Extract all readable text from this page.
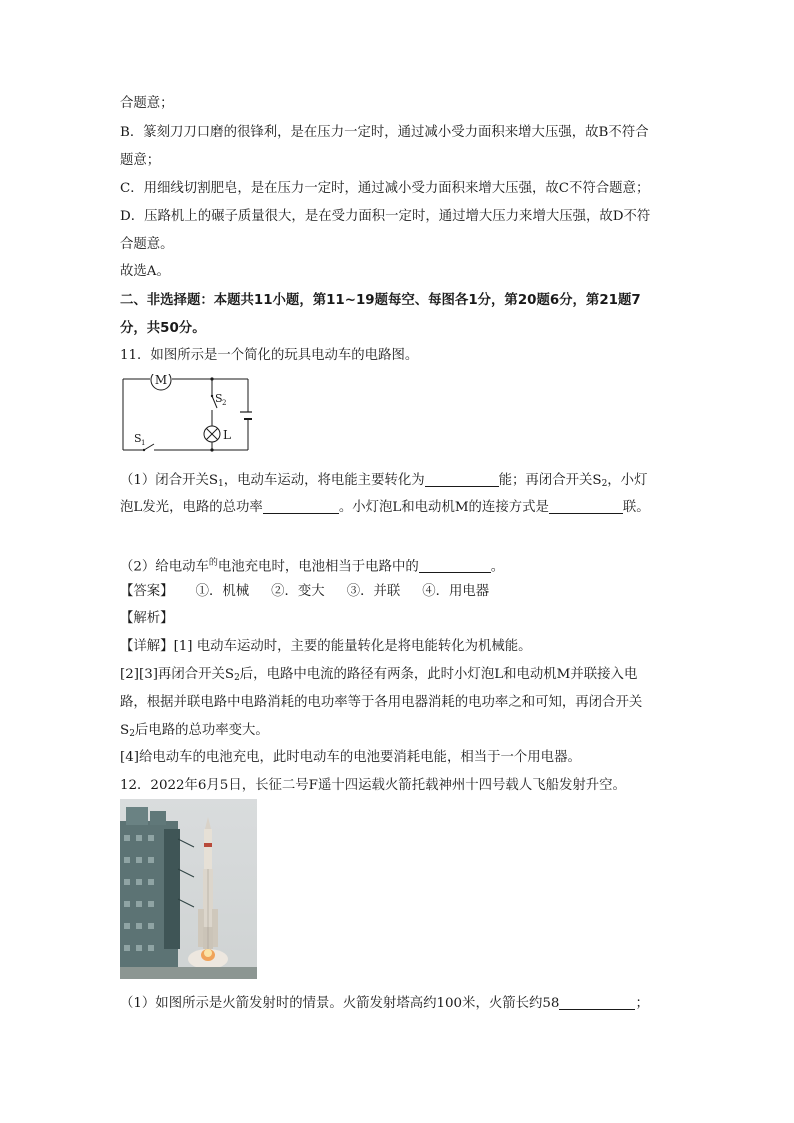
合题意；

B．篆刻刀刀口磨的很锋利，是在压力一定时，通过减小受力面积来增大压强，故B不符合

题意；

C．用细线切割肥皂，是在压力一定时，通过减小受力面积来增大压强，故C不符合题意；

D．压路机上的碾子质量很大，是在受力面积一定时，通过增大压力来增大压强，故D不符

合题意。

故选A。

二、非选择题：本题共11小题，第11~19题每空、每图各1分，第20题6分，第21题7

分，共50分。

11．如图所示是一个简化的玩具电动车的电路图。

M
L
S 2
S 1

（1）闭合开关$S_1$，电动车运动，将电能主要转化为	能；再闭合开关$S_2$，小灯

泡L发光，电路的总功率	。小灯泡L和电动机M的连接方式是	联。

（2）给电动车$^的$电池充电时，电池相当于电路中的	。

【答案】 ①．机械 ②．变大 ③．并联 ④．用电器

【解析】

【详解】[1] 电动车运动时，主要的能量转化是将电能转化为机械能。

[2][3]再闭合开关$S_2$后，电路中电流的路径有两条，此时小灯泡L和电动机M并联接入电

路，根据并联电路中电路消耗的电功率等于各用电器消耗的电功率之和可知，再闭合开关

$S_2$后电路的总功率变大。

[4]给电动车的电池充电，此时电动车的电池要消耗电能，相当于一个用电器。

12．2022年6月5日，长征二号F遥十四运载火箭托载神州十四号载人飞船发射升空。

（1）如图所示是火箭发射时的情景。火箭发射塔高约100米，火箭长约58	；
